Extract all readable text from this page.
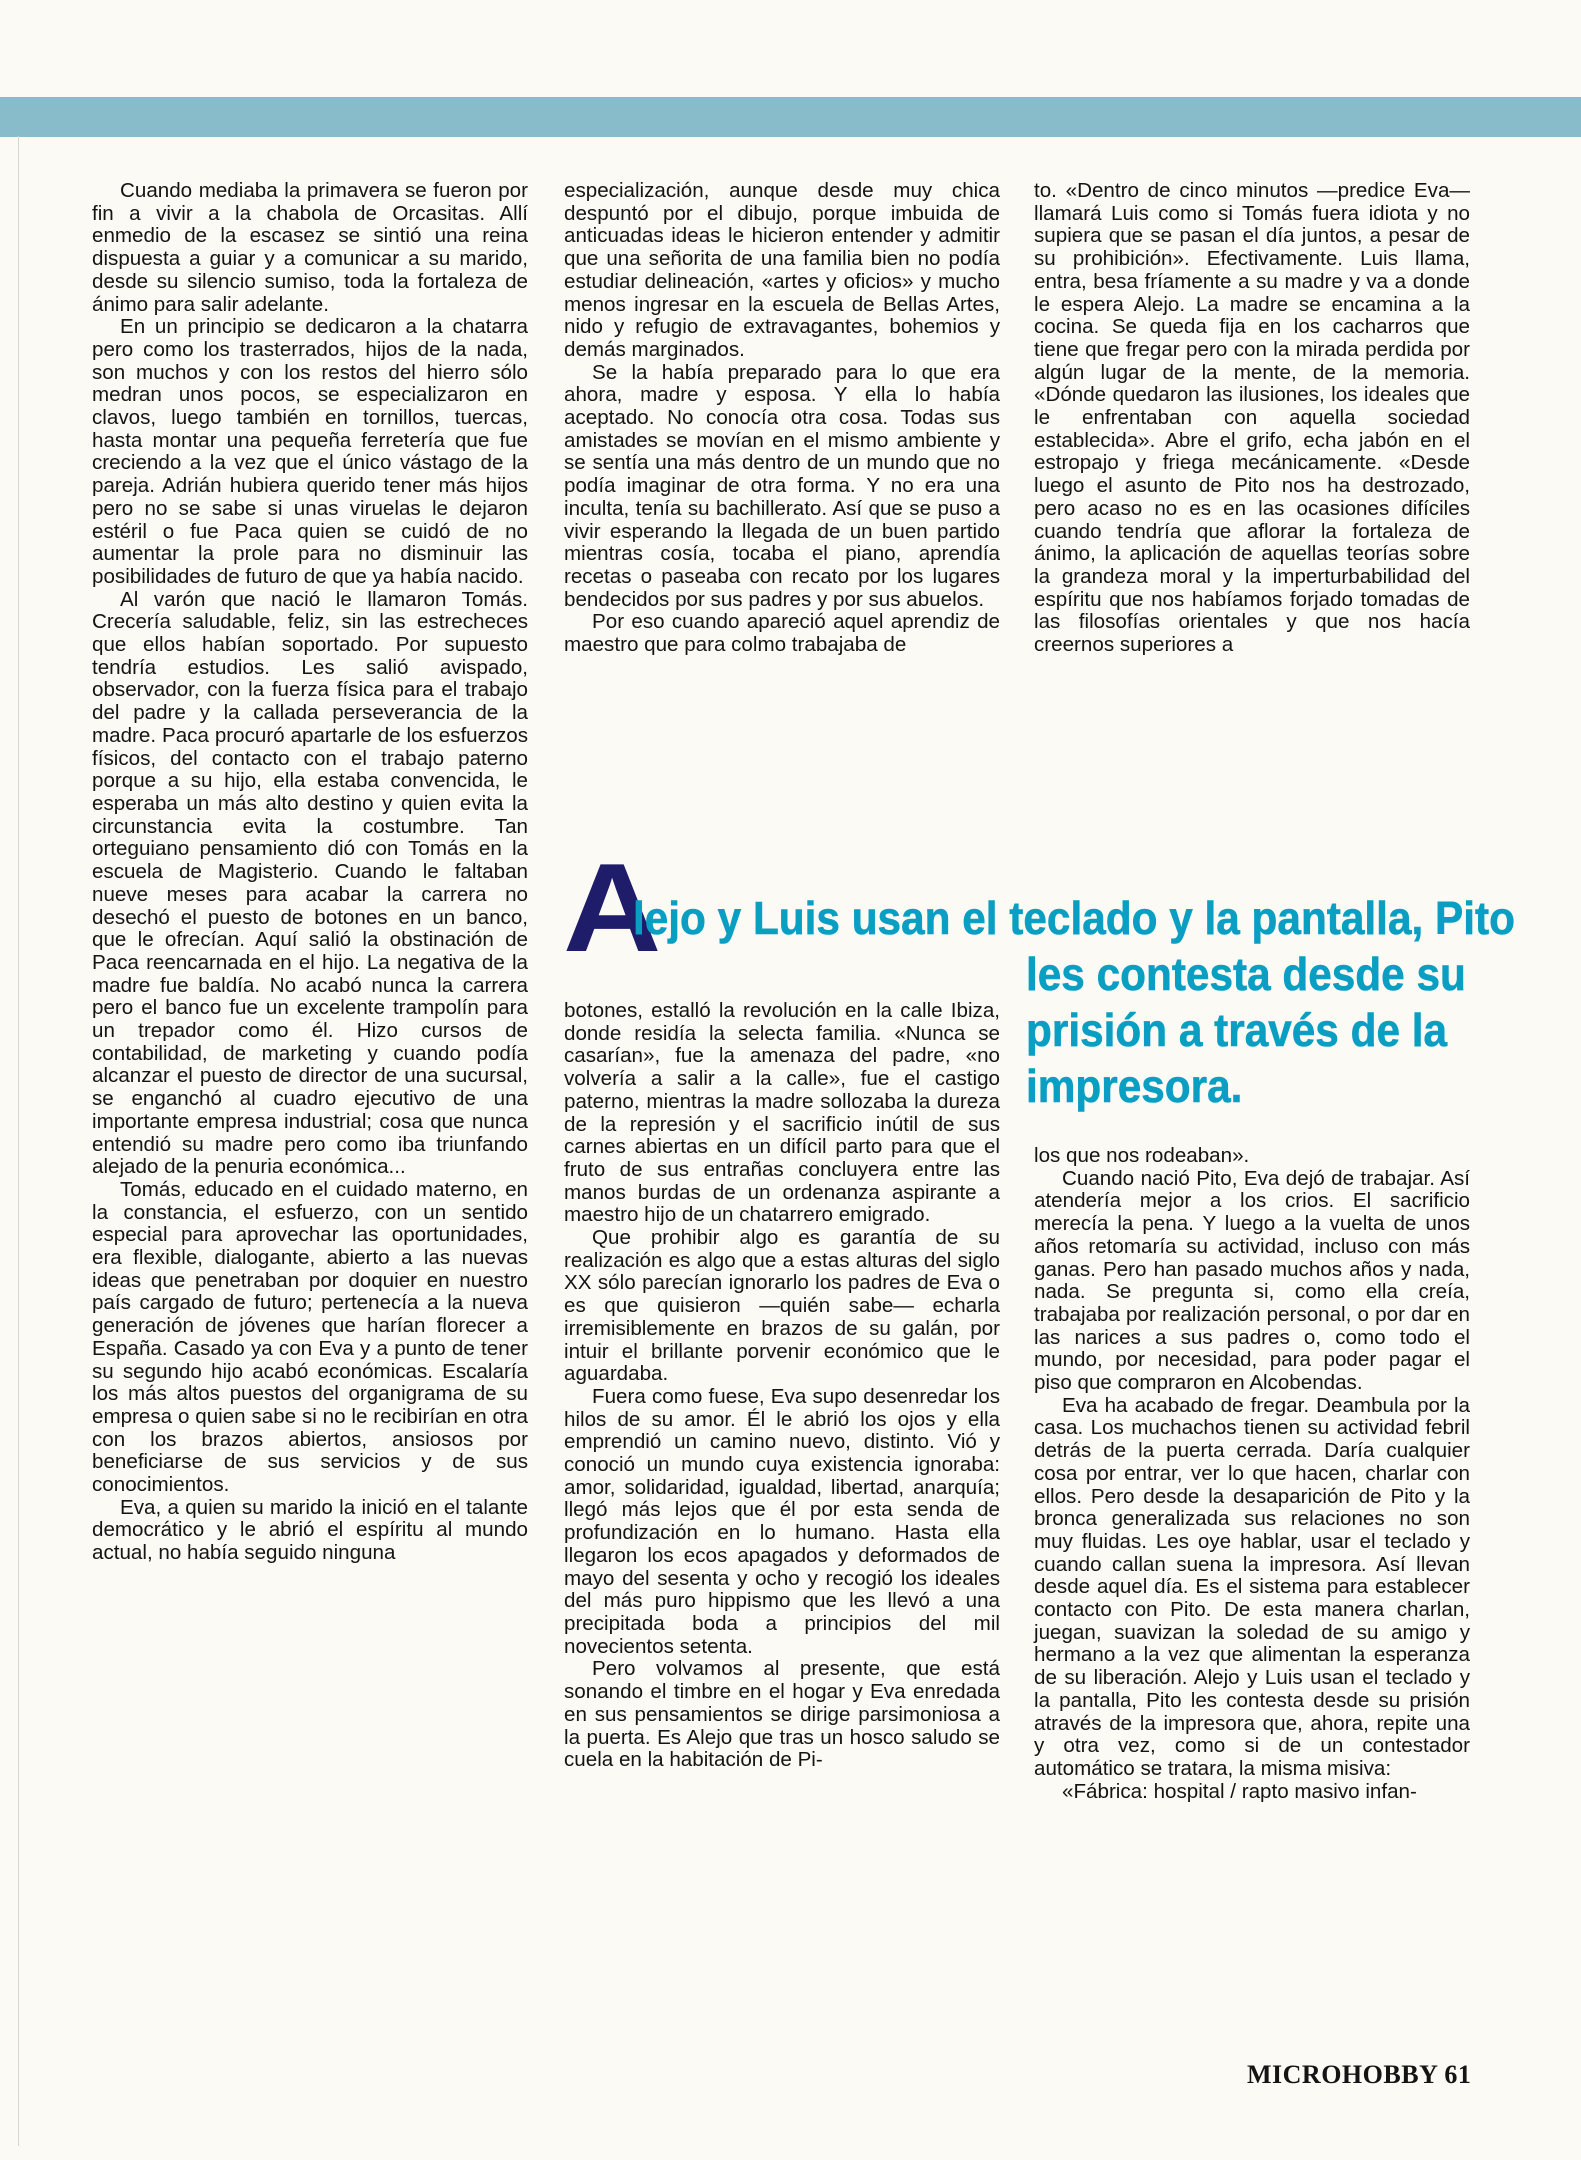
Cuando mediaba la primavera se fueron por fin a vivir a la chabola de Orcasitas. Allí enmedio de la escasez se sintió una reina dispuesta a guiar y a comunicar a su marido, desde su silencio sumiso, toda la fortaleza de ánimo para salir adelante.

En un principio se dedicaron a la chatarra pero como los trasterrados, hijos de la nada, son muchos y con los restos del hierro sólo medran unos pocos, se especializaron en clavos, luego también en tornillos, tuercas, hasta montar una pequeña ferretería que fue creciendo a la vez que el único vástago de la pareja. Adrián hubiera querido tener más hijos pero no se sabe si unas viruelas le dejaron estéril o fue Paca quien se cuidó de no aumentar la prole para no disminuir las posibilidades de futuro de que ya había nacido.

Al varón que nació le llamaron Tomás. Crecería saludable, feliz, sin las estrecheces que ellos habían soportado. Por supuesto tendría estudios. Les salió avispado, observador, con la fuerza física para el trabajo del padre y la callada perseverancia de la madre. Paca procuró apartarle de los esfuerzos físicos, del contacto con el trabajo paterno porque a su hijo, ella estaba convencida, le esperaba un más alto destino y quien evita la circunstancia evita la costumbre. Tan orteguiano pensamiento dió con Tomás en la escuela de Magisterio. Cuando le faltaban nueve meses para acabar la carrera no desechó el puesto de botones en un banco, que le ofrecían. Aquí salió la obstinación de Paca reencarnada en el hijo. La negativa de la madre fue baldía. No acabó nunca la carrera pero el banco fue un excelente trampolín para un trepador como él. Hizo cursos de contabilidad, de marketing y cuando podía alcanzar el puesto de director de una sucursal, se enganchó al cuadro ejecutivo de una importante empresa industrial; cosa que nunca entendió su madre pero como iba triunfando alejado de la penuria económica...

Tomás, educado en el cuidado materno, en la constancia, el esfuerzo, con un sentido especial para aprovechar las oportunidades, era flexible, dialogante, abierto a las nuevas ideas que penetraban por doquier en nuestro país cargado de futuro; pertenecía a la nueva generación de jóvenes que harían florecer a España. Casado ya con Eva y a punto de tener su segundo hijo acabó económicas. Escalaría los más altos puestos del organigrama de su empresa o quien sabe si no le recibirían en otra con los brazos abiertos, ansiosos por beneficiarse de sus servicios y de sus conocimientos.

Eva, a quien su marido la inició en el talante democrático y le abrió el espíritu al mundo actual, no había seguido ninguna

especialización, aunque desde muy chica despuntó por el dibujo, porque imbuida de anticuadas ideas le hicieron entender y admitir que una señorita de una familia bien no podía estudiar delineación, «artes y oficios» y mucho menos ingresar en la escuela de Bellas Artes, nido y refugio de extravagantes, bohemios y demás marginados.

Se la había preparado para lo que era ahora, madre y esposa. Y ella lo había aceptado. No conocía otra cosa. Todas sus amistades se movían en el mismo ambiente y se sentía una más dentro de un mundo que no podía imaginar de otra forma. Y no era una inculta, tenía su bachillerato. Así que se puso a vivir esperando la llegada de un buen partido mientras cosía, tocaba el piano, aprendía recetas o paseaba con recato por los lugares bendecidos por sus padres y por sus abuelos.

Por eso cuando apareció aquel aprendiz de maestro que para colmo trabajaba de

to. «Dentro de cinco minutos —predice Eva— llamará Luis como si Tomás fuera idiota y no supiera que se pasan el día juntos, a pesar de su prohibición». Efectivamente. Luis llama, entra, besa fríamente a su madre y va a donde le espera Alejo. La madre se encamina a la cocina. Se queda fija en los cacharros que tiene que fregar pero con la mirada perdida por algún lugar de la mente, de la memoria. «Dónde quedaron las ilusiones, los ideales que le enfrentaban con aquella sociedad establecida». Abre el grifo, echa jabón en el estropajo y friega mecánicamente. «Desde luego el asunto de Pito nos ha destrozado, pero acaso no es en las ocasiones difíciles cuando tendría que aflorar la fortaleza de ánimo, la aplicación de aquellas teorías sobre la grandeza moral y la imperturbabilidad del espíritu que nos habíamos forjado tomadas de las filosofías orientales y que nos hacía creernos superiores a

A
lejo y Luis usan el teclado y la pantalla, Pito
les contesta desde su
prisión a través de la
impresora.

botones, estalló la revolución en la calle Ibiza, donde residía la selecta familia. «Nunca se casarían», fue la amenaza del padre, «no volvería a salir a la calle», fue el castigo paterno, mientras la madre sollozaba la dureza de la represión y el sacrificio inútil de sus carnes abiertas en un difícil parto para que el fruto de sus entrañas concluyera entre las manos burdas de un ordenanza aspirante a maestro hijo de un chatarrero emigrado.

Que prohibir algo es garantía de su realización es algo que a estas alturas del siglo XX sólo parecían ignorarlo los padres de Eva o es que quisieron —quién sabe— echarla irremisiblemente en brazos de su galán, por intuir el brillante porvenir económico que le aguardaba.

Fuera como fuese, Eva supo desenredar los hilos de su amor. Él le abrió los ojos y ella emprendió un camino nuevo, distinto. Vió y conoció un mundo cuya existencia ignoraba: amor, solidaridad, igualdad, libertad, anarquía; llegó más lejos que él por esta senda de profundización en lo humano. Hasta ella llegaron los ecos apagados y deformados de mayo del sesenta y ocho y recogió los ideales del más puro hippismo que les llevó a una precipitada boda a principios del mil novecientos setenta.

Pero volvamos al presente, que está sonando el timbre en el hogar y Eva enredada en sus pensamientos se dirige parsimoniosa a la puerta. Es Alejo que tras un hosco saludo se cuela en la habitación de Pi-

los que nos rodeaban».

Cuando nació Pito, Eva dejó de trabajar. Así atendería mejor a los crios. El sacrificio merecía la pena. Y luego a la vuelta de unos años retomaría su actividad, incluso con más ganas. Pero han pasado muchos años y nada, nada. Se pregunta si, como ella creía, trabajaba por realización personal, o por dar en las narices a sus padres o, como todo el mundo, por necesidad, para poder pagar el piso que compraron en Alcobendas.

Eva ha acabado de fregar. Deambula por la casa. Los muchachos tienen su actividad febril detrás de la puerta cerrada. Daría cualquier cosa por entrar, ver lo que hacen, charlar con ellos. Pero desde la desaparición de Pito y la bronca generalizada sus relaciones no son muy fluidas. Les oye hablar, usar el teclado y cuando callan suena la impresora. Así llevan desde aquel día. Es el sistema para establecer contacto con Pito. De esta manera charlan, juegan, suavizan la soledad de su amigo y hermano a la vez que alimentan la esperanza de su liberación. Alejo y Luis usan el teclado y la pantalla, Pito les contesta desde su prisión através de la impresora que, ahora, repite una y otra vez, como si de un contestador automático se tratara, la misma misiva:

«Fábrica: hospital / rapto masivo infan-

MICROHOBBY 61
